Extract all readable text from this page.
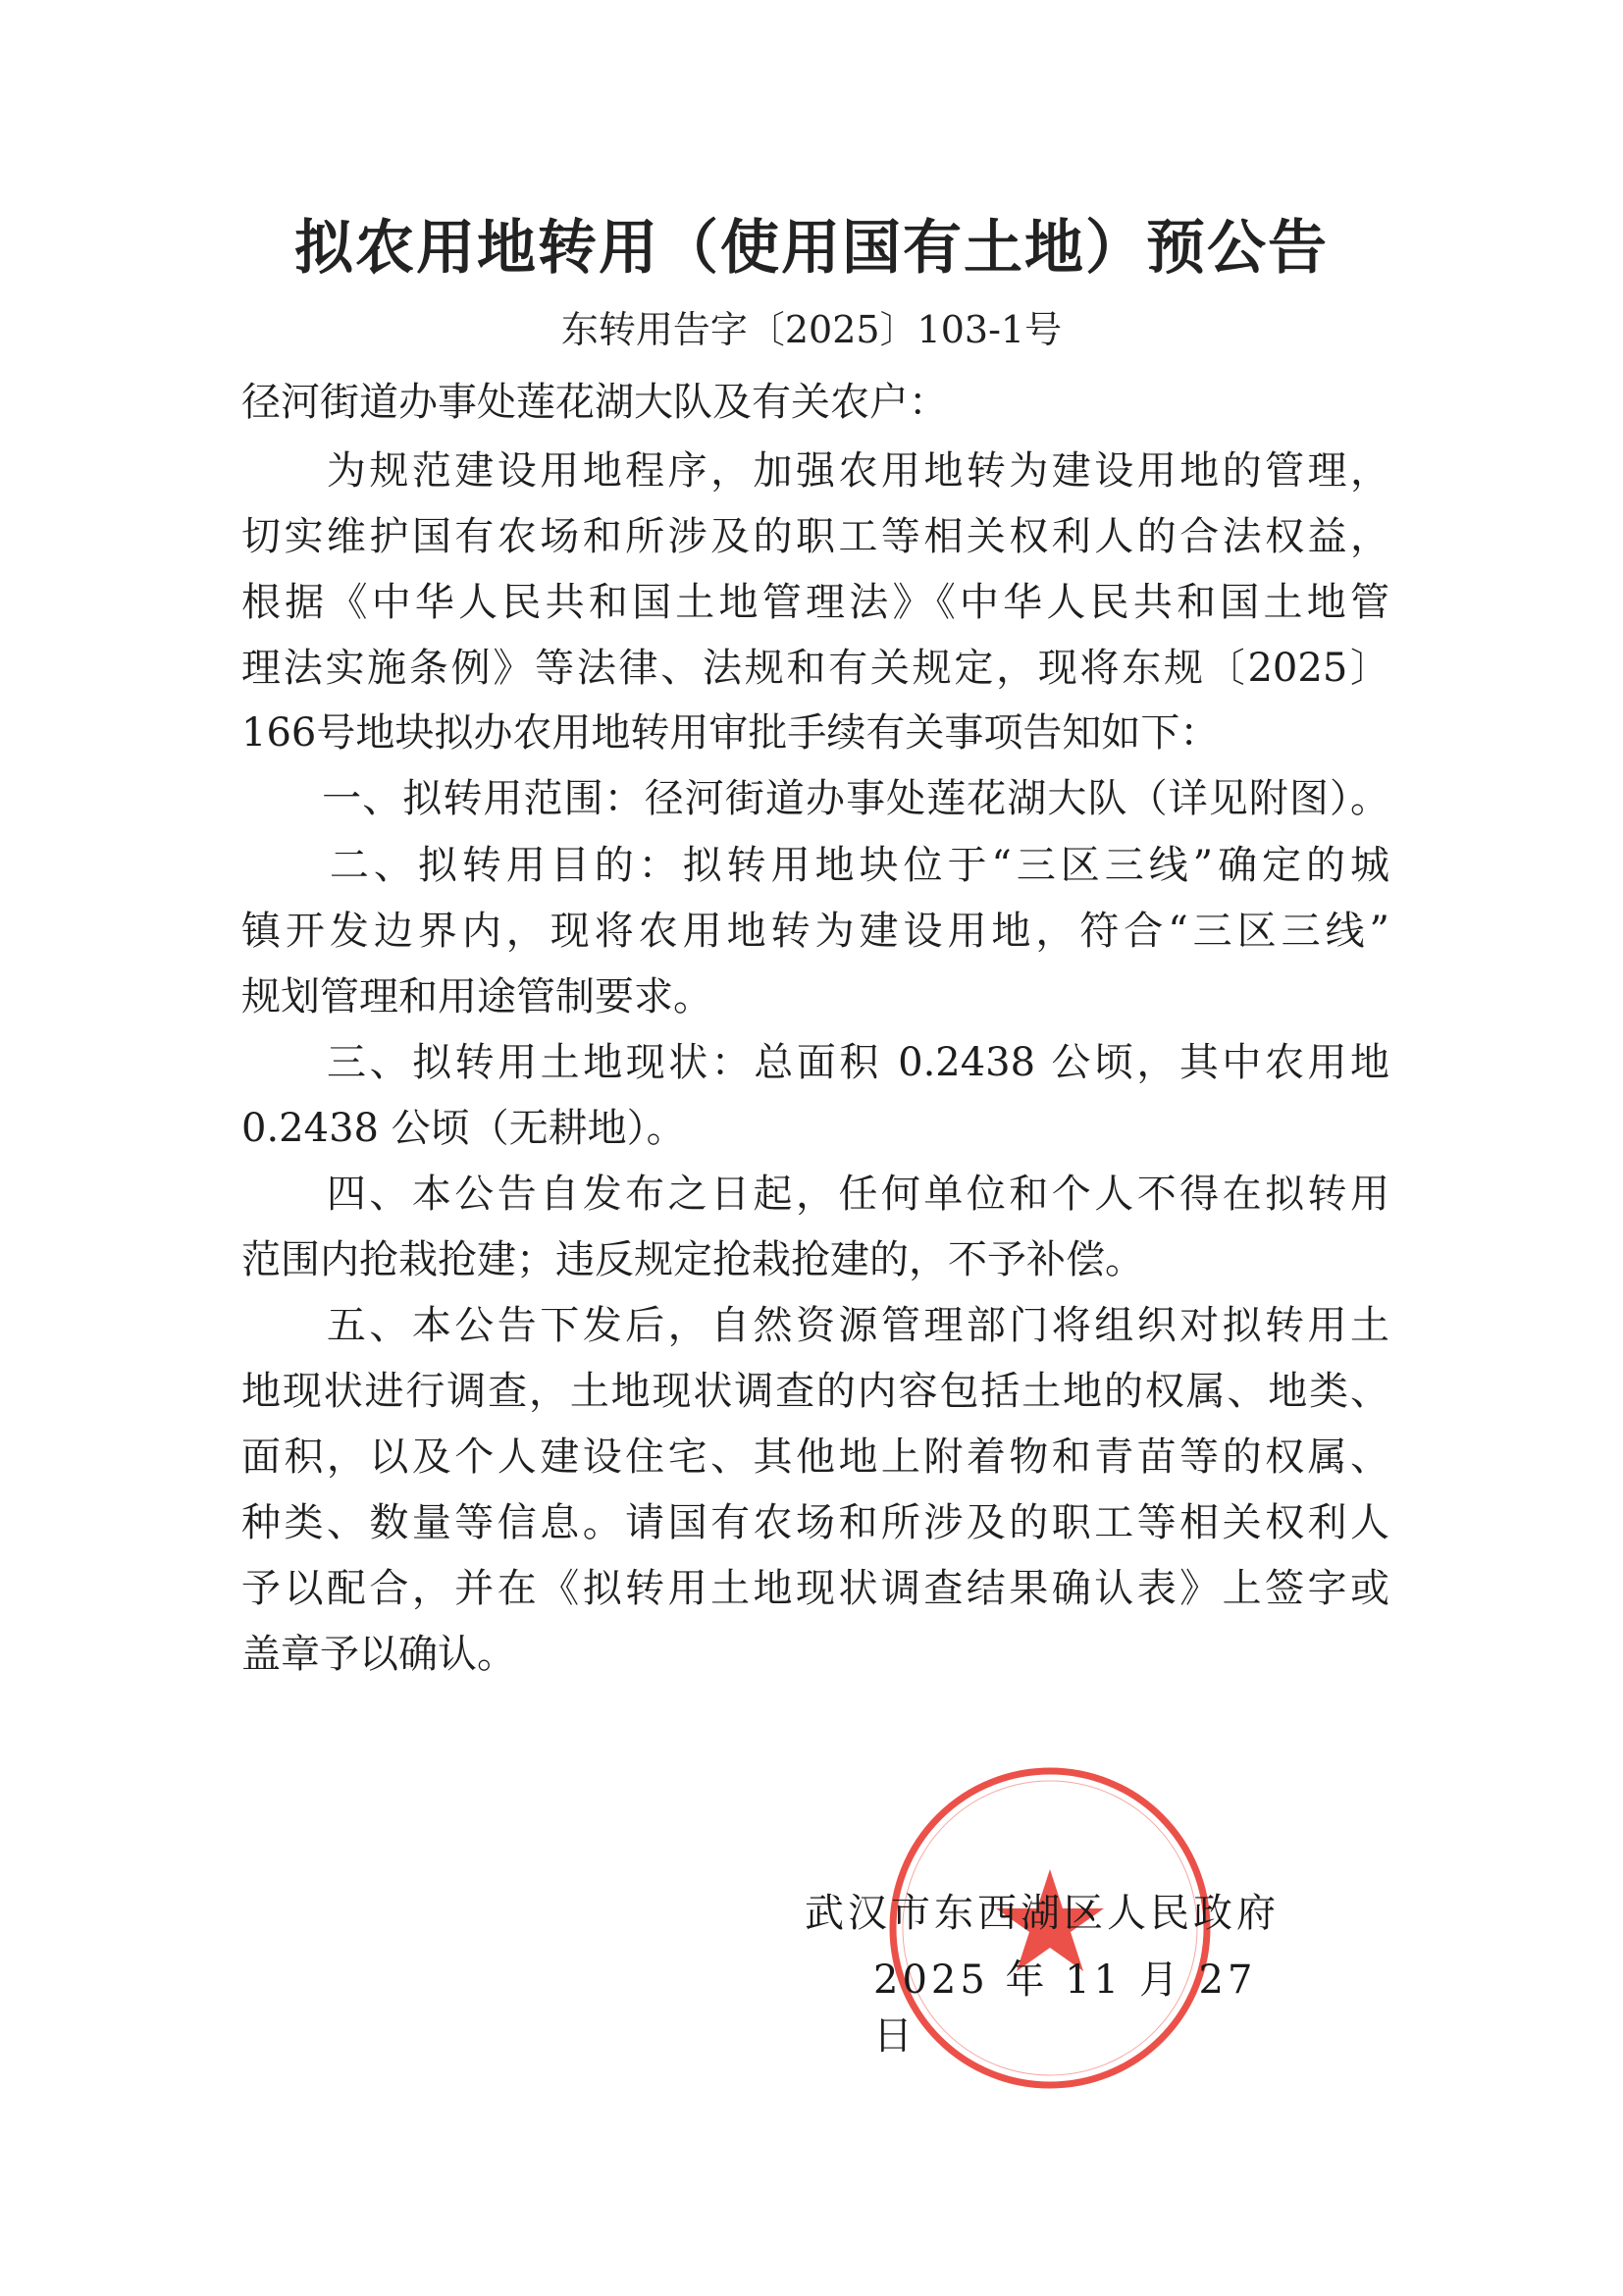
拟农用地转用（使用国有土地）预公告
东转用告字〔2025〕103-1号
径河街道办事处莲花湖大队及有关农户：
　　为规范建设用地程序，加强农用地转为建设用地的管理，
切实维护国有农场和所涉及的职工等相关权利人的合法权益，
根据《中华人民共和国土地管理法》《中华人民共和国土地管
理法实施条例》等法律、法规和有关规定，现将东规〔2025〕
166号地块拟办农用地转用审批手续有关事项告知如下：
　　一、拟转用范围：径河街道办事处莲花湖大队（详见附图）。
　　二、拟转用目的：拟转用地块位于“三区三线”确定的城
镇开发边界内，现将农用地转为建设用地，符合“三区三线”
规划管理和用途管制要求。
　　三、拟转用土地现状：总面积 0.2438 公顷，其中农用地
0.2438 公顷（无耕地）。
　　四、本公告自发布之日起，任何单位和个人不得在拟转用
范围内抢栽抢建；违反规定抢栽抢建的，不予补偿。
　　五、本公告下发后，自然资源管理部门将组织对拟转用土
地现状进行调查，土地现状调查的内容包括土地的权属、地类、
面积，以及个人建设住宅、其他地上附着物和青苗等的权属、
种类、数量等信息。请国有农场和所涉及的职工等相关权利人
予以配合，并在《拟转用土地现状调查结果确认表》上签字或
盖章予以确认。
武汉市东西湖区人民政府
2025 年 11 月 27 日
